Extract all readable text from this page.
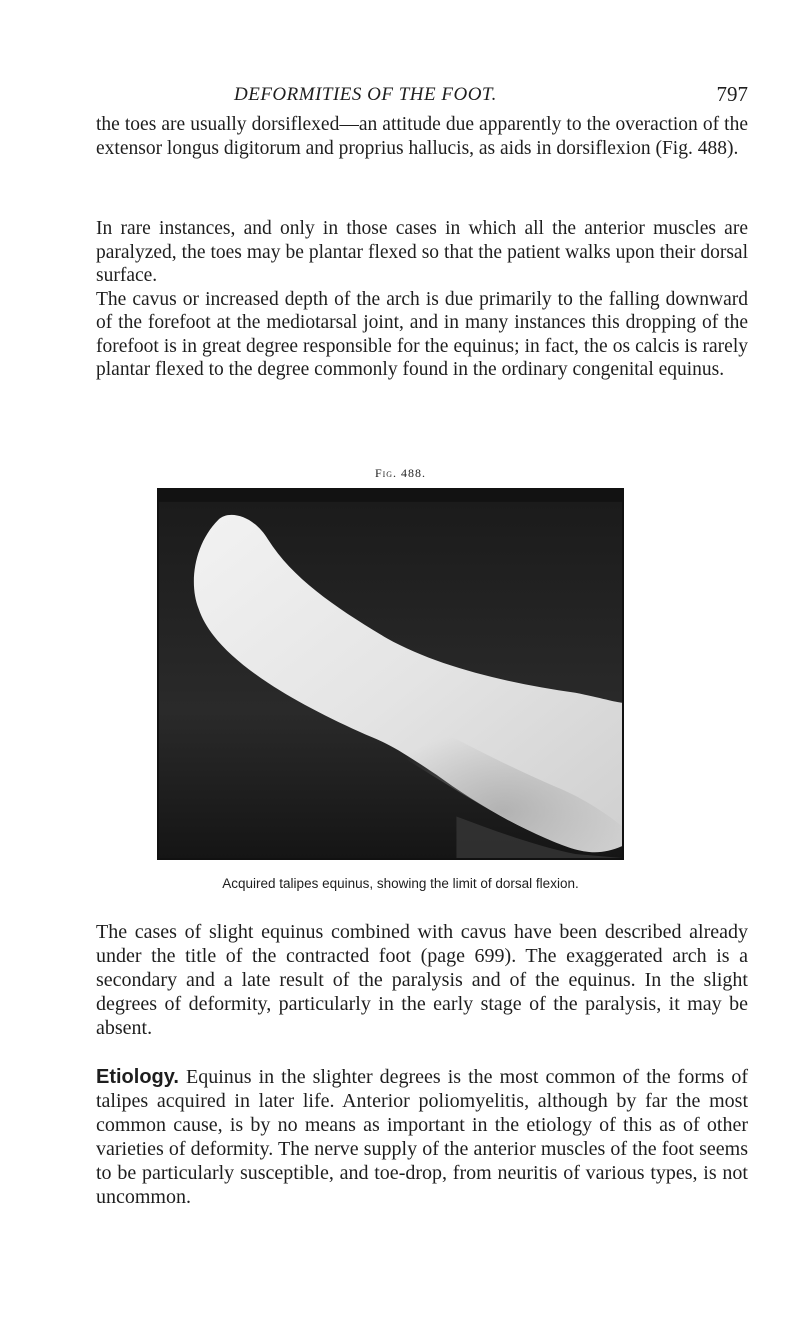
DEFORMITIES OF THE FOOT.	797

the toes are usually dorsiflexed—an attitude due apparently to the overaction of the extensor longus digitorum and proprius hallucis, as aids in dorsiflexion (Fig. 488).

In rare instances, and only in those cases in which all the anterior muscles are paralyzed, the toes may be plantar flexed so that the patient walks upon their dorsal surface.
The cavus or increased depth of the arch is due primarily to the falling downward of the forefoot at the mediotarsal joint, and in many instances this dropping of the forefoot is in great degree responsible for the equinus; in fact, the os calcis is rarely plantar flexed to the degree commonly found in the ordinary congenital equinus.
Fig. 488.
Acquired talipes equinus, showing the limit of dorsal flexion.

The cases of slight equinus combined with cavus have been described already under the title of the contracted foot (page 699). The exaggerated arch is a secondary and a late result of the paralysis and of the equinus. In the slight degrees of deformity, particularly in the early stage of the paralysis, it may be absent.

Etiology. Equinus in the slighter degrees is the most common of the forms of talipes acquired in later life. Anterior poliomyelitis, although by far the most common cause, is by no means as important in the etiology of this as of other varieties of deformity. The nerve supply of the anterior muscles of the foot seems to be particularly susceptible, and toe-drop, from neuritis of various types, is not uncommon.
